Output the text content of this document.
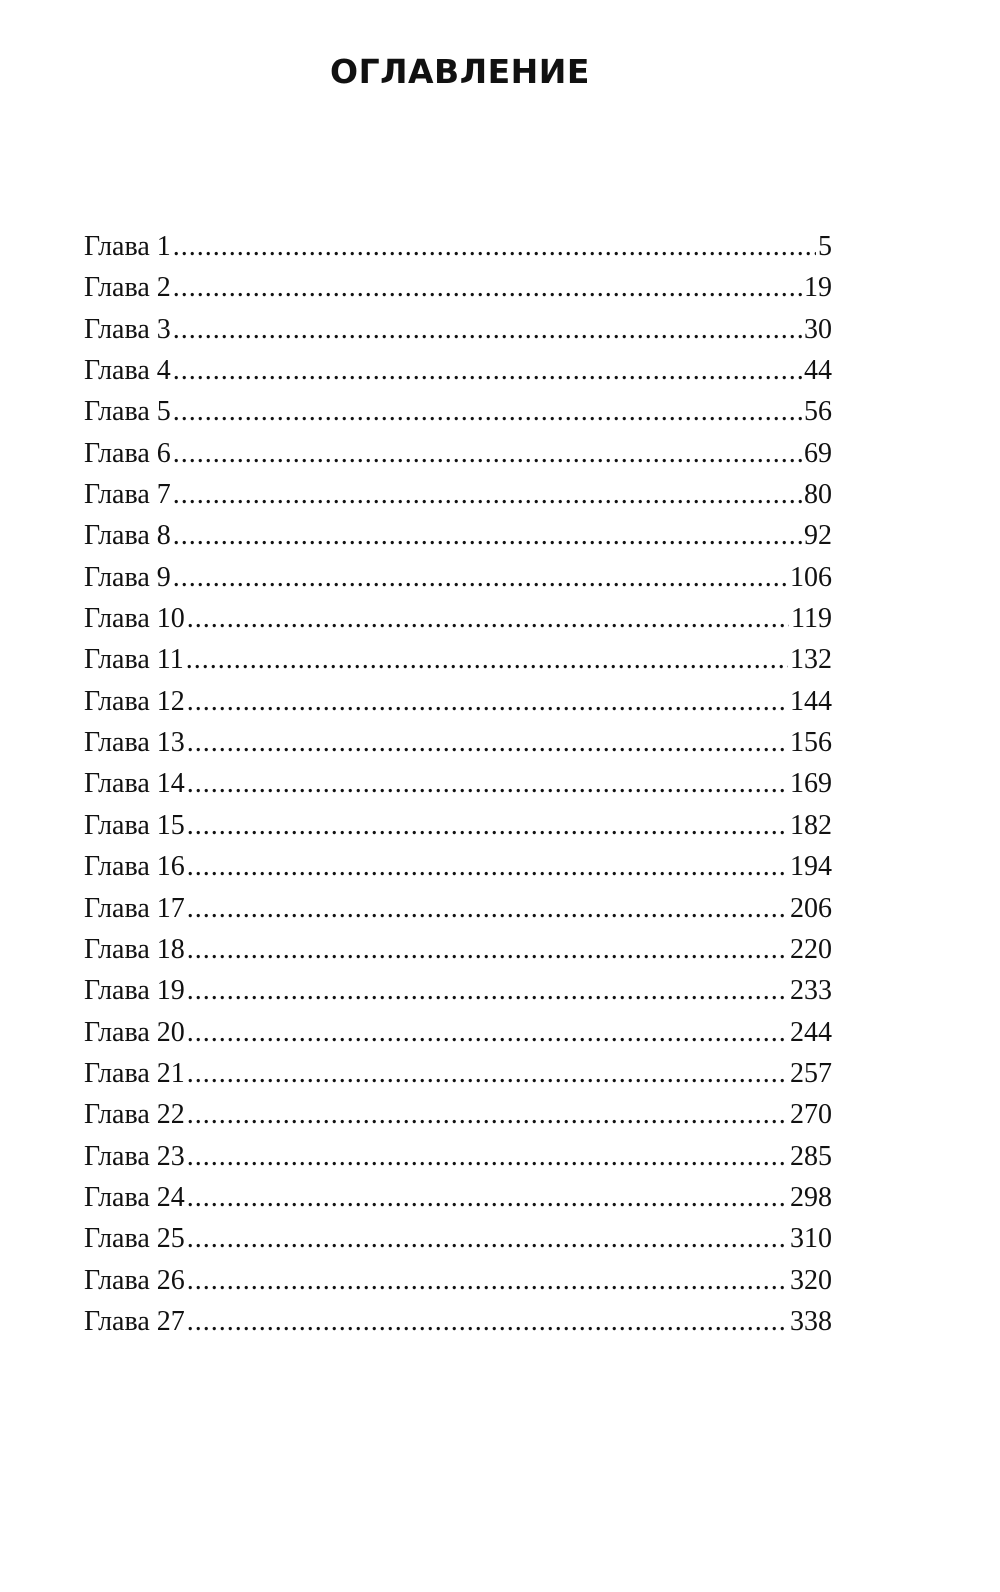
ОГЛАВЛЕНИЕ
Глава 1 .....	5
Глава 2 .....	19
Глава 3 .....	30
Глава 4 .....	44
Глава 5 .....	56
Глава 6 .....	69
Глава 7 .....	80
Глава 8 .....	92
Глава 9 .....	106
Глава 10 .....	119
Глава 11 .....	132
Глава 12 .....	144
Глава 13 .....	156
Глава 14 .....	169
Глава 15 .....	182
Глава 16 .....	194
Глава 17 .....	206
Глава 18 .....	220
Глава 19 .....	233
Глава 20 .....	244
Глава 21 .....	257
Глава 22 .....	270
Глава 23 .....	285
Глава 24 .....	298
Глава 25 .....	310
Глава 26 .....	320
Глава 27 .....	338
